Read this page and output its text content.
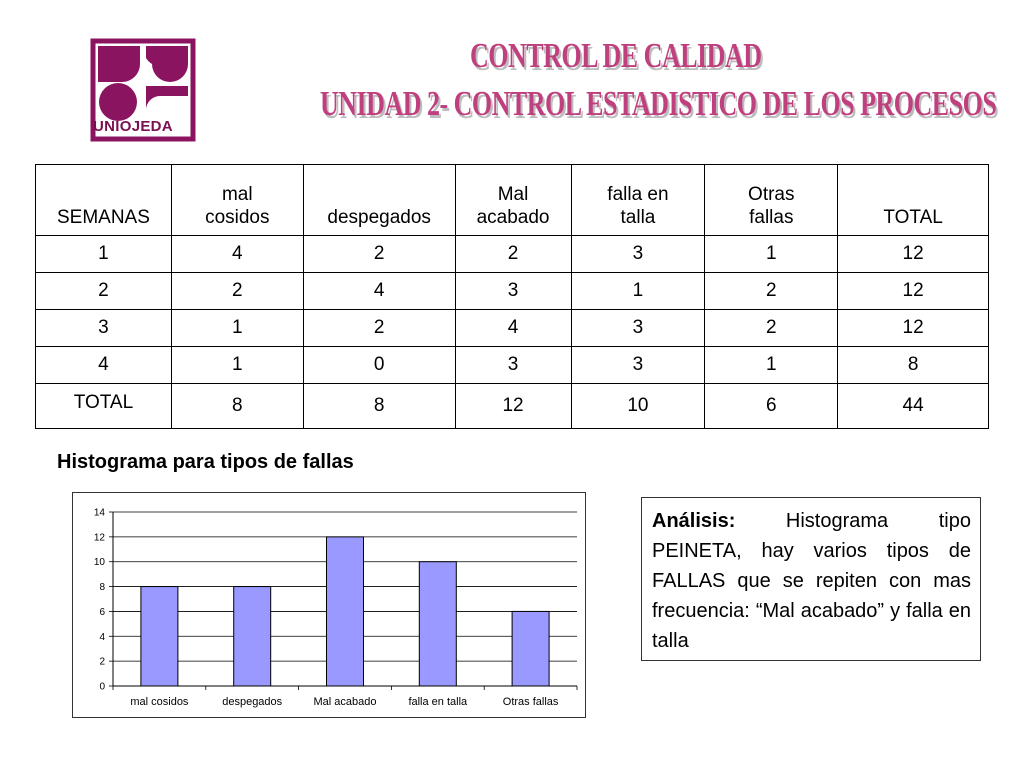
UNIOJEDA
CONTROL DE CALIDAD
UNIDAD 2- CONTROL ESTADISTICO DE LOS PROCESOS
SEMANAS	mal cosidos	despegados	Mal acabado	falla en talla	Otras fallas	TOTAL
1	4	2	2	3	1	12
2	2	4	3	1	2	12
3	1	2	4	3	2	12
4	1	0	3	3	1	8
TOTAL	8	8	12	10	6	44
Histograma para tipos de fallas
0
2
4
6
8
10
12
14
mal cosidos	despegados	Mal acabado	falla en talla	Otras fallas
Análisis: Histograma tipo PEINETA, hay varios tipos de FALLAS que se repiten con mas frecuencia: “Mal acabado” y falla en talla
